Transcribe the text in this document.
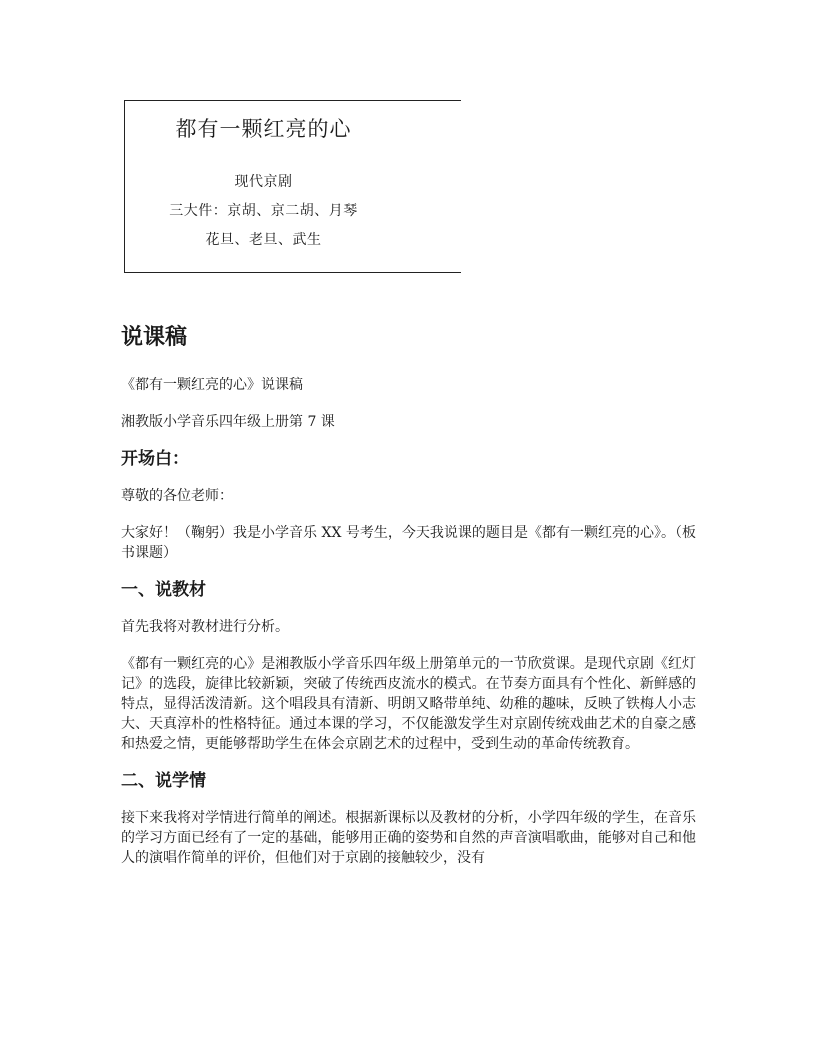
都有一颗红亮的心
现代京剧
三大件：京胡、京二胡、月琴
花旦、老旦、武生
说课稿

《都有一颗红亮的心》说课稿

湘教版小学音乐四年级上册第 7 课

开场白：

尊敬的各位老师：

大家好！（鞠躬）我是小学音乐 XX 号考生，今天我说课的题目是《都有一颗红亮的心》。（板书课题）

一、说教材

首先我将对教材进行分析。

《都有一颗红亮的心》是湘教版小学音乐四年级上册第单元的一节欣赏课。是现代京剧《红灯记》的选段，旋律比较新颖，突破了传统西皮流水的模式。在节奏方面具有个性化、新鲜感的特点，显得活泼清新。这个唱段具有清新、明朗又略带单纯、幼稚的趣味，反映了铁梅人小志大、天真淳朴的性格特征。通过本课的学习，不仅能激发学生对京剧传统戏曲艺术的自豪之感和热爱之情，更能够帮助学生在体会京剧艺术的过程中，受到生动的革命传统教育。

二、说学情

接下来我将对学情进行简单的阐述。根据新课标以及教材的分析，小学四年级的学生，在音乐的学习方面已经有了一定的基础，能够用正确的姿势和自然的声音演唱歌曲，能够对自己和他人的演唱作简单的评价，但他们对于京剧的接触较少，没有
